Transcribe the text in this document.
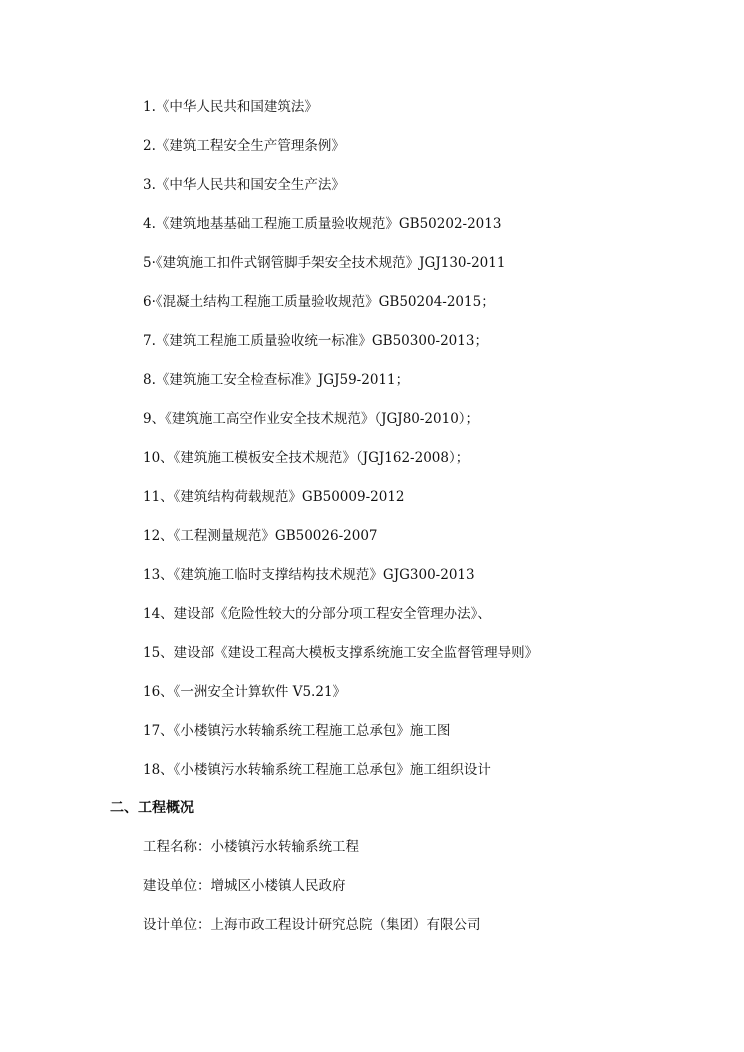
1.《中华人民共和国建筑法》
2.《建筑工程安全生产管理条例》
3.《中华人民共和国安全生产法》
4.《建筑地基基础工程施工质量验收规范》GB50202-2013
5·《建筑施工扣件式钢管脚手架安全技术规范》JGJ130-2011
6·《混凝土结构工程施工质量验收规范》GB50204-2015；
7.《建筑工程施工质量验收统一标准》GB50300-2013；
8.《建筑施工安全检查标准》JGJ59-2011；
9、《建筑施工高空作业安全技术规范》（JGJ80-2010）；
10、《建筑施工模板安全技术规范》（JGJ162-2008）；
11、《建筑结构荷载规范》GB50009-2012
12、《工程测量规范》GB50026-2007
13、《建筑施工临时支撑结构技术规范》GJG300-2013
14、建设部《危险性较大的分部分项工程安全管理办法》、
15、建设部《建设工程高大模板支撑系统施工安全监督管理导则》
16、《一洲安全计算软件 V5.21》
17、《小楼镇污水转输系统工程施工总承包》施工图
18、《小楼镇污水转输系统工程施工总承包》施工组织设计
二、工程概况
工程名称：小楼镇污水转输系统工程
建设单位：增城区小楼镇人民政府
设计单位：上海市政工程设计研究总院（集团）有限公司
